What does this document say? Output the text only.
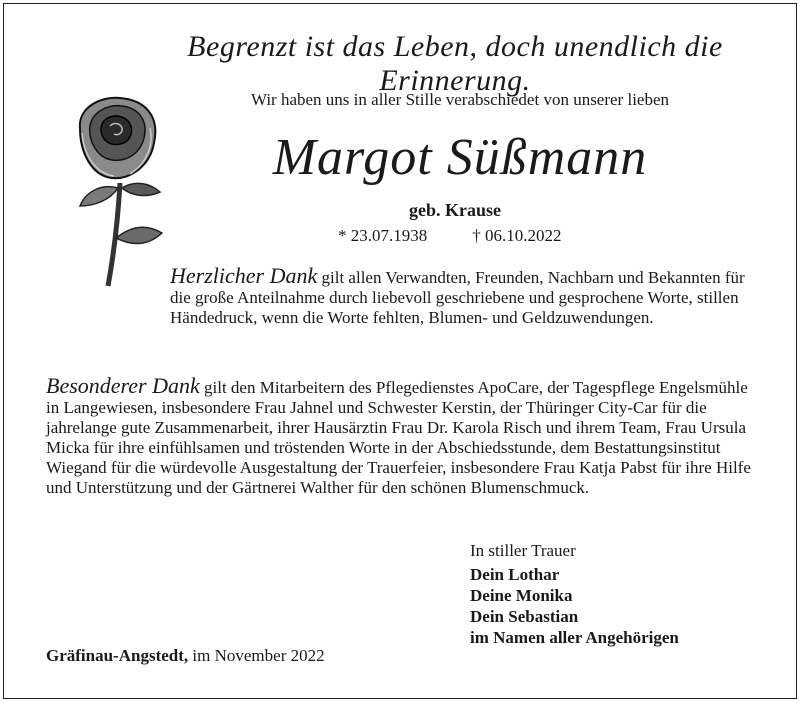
Begrenzt ist das Leben, doch unendlich die Erinnerung.
Wir haben uns in aller Stille verabschiedet von unserer lieben
Margot Süßmann
geb. Krause
* 23.07.1938	† 06.10.2022
Herzlicher Dank gilt allen Verwandten, Freunden, Nachbarn und Bekannten für die große Anteilnahme durch liebevoll geschriebene und gesprochene Worte, stillen Händedruck, wenn die Worte fehlten, Blumen- und Geldzuwendungen.
Besonderer Dank gilt den Mitarbeitern des Pflegedienstes ApoCare, der Tagespflege Engelsmühle in Langewiesen, insbesondere Frau Jahnel und Schwester Kerstin, der Thüringer City-Car für die jahrelange gute Zusammenarbeit, ihrer Hausärztin Frau Dr. Karola Risch und ihrem Team, Frau Ursula Micka für ihre einfühlsamen und tröstenden Worte in der Abschiedsstunde, dem Bestattungsinstitut Wiegand für die würdevolle Ausgestaltung der Trauerfeier, insbesondere Frau Katja Pabst für ihre Hilfe und Unterstützung und der Gärtnerei Walther für den schönen Blumenschmuck.
In stiller Trauer
Dein Lothar
Deine Monika
Dein Sebastian
im Namen aller Angehörigen
Gräfinau-Angstedt, im November 2022
